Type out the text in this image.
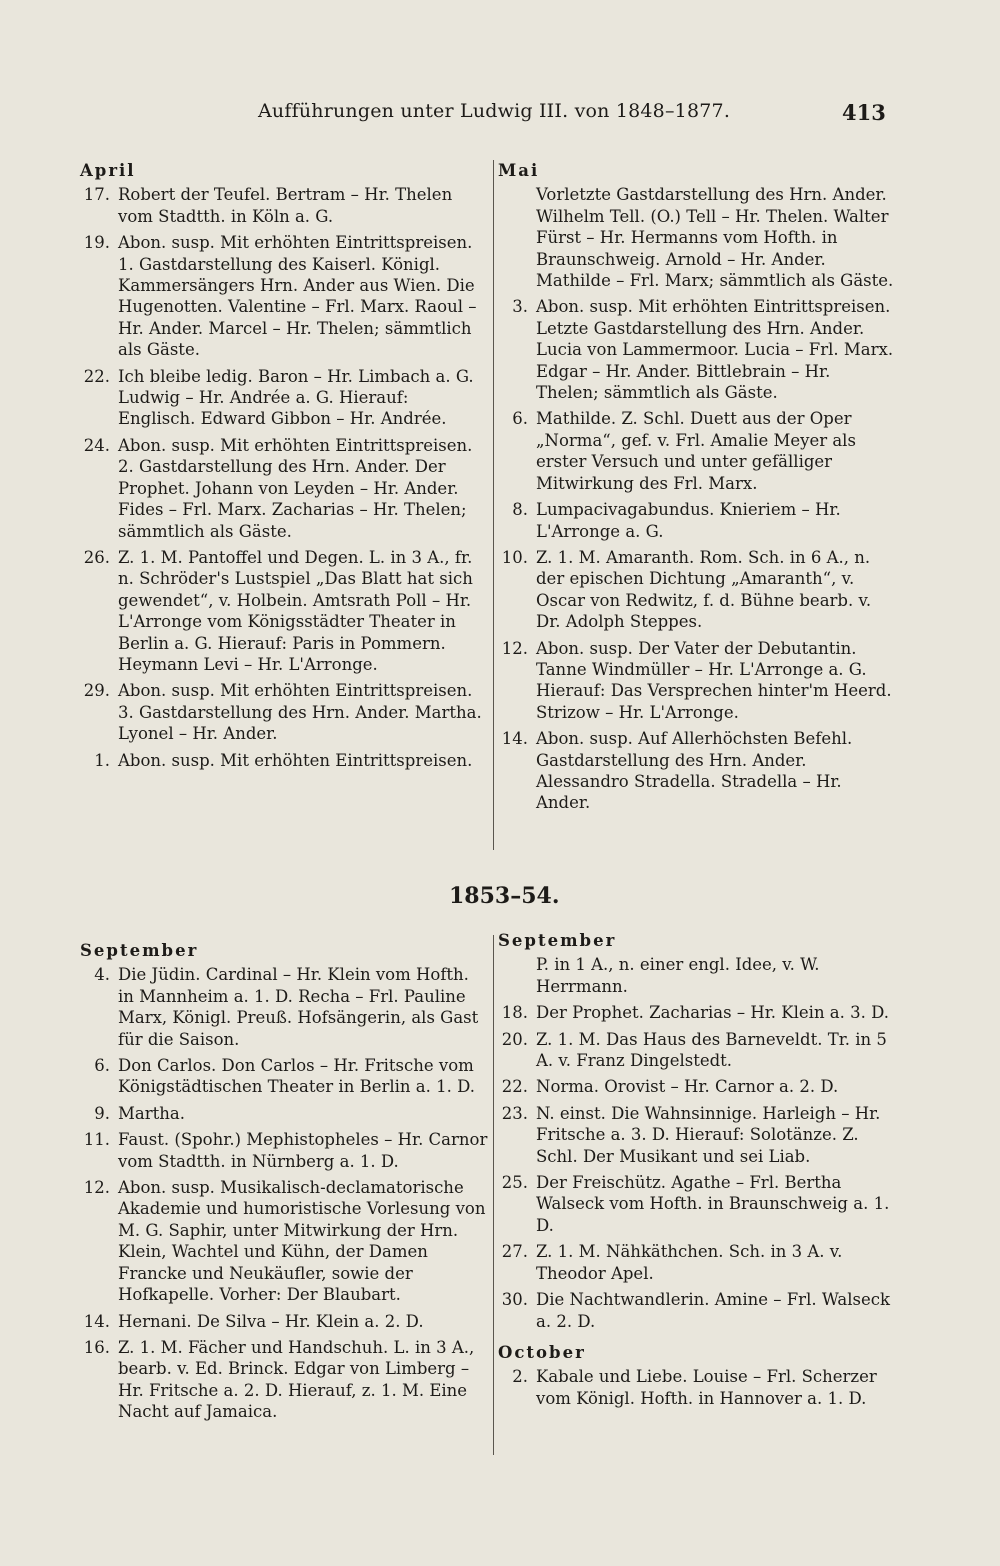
Aufführungen unter Ludwig III. von 1848–1877.	413
April
17. Robert der Teufel. Bertram – Hr. Thelen vom Stadtth. in Köln a. G.
19. Abon. susp. Mit erhöhten Eintrittspreisen. 1. Gastdarstellung des Kaiserl. Königl. Kammersängers Hrn. Ander aus Wien. Die Hugenotten. Valentine – Frl. Marx. Raoul – Hr. Ander. Marcel – Hr. Thelen; sämmtlich als Gäste.
22. Ich bleibe ledig. Baron – Hr. Limbach a. G. Ludwig – Hr. Andrée a. G. Hierauf: Englisch. Edward Gibbon – Hr. Andrée.
24. Abon. susp. Mit erhöhten Eintrittspreisen. 2. Gastdarstellung des Hrn. Ander. Der Prophet. Johann von Leyden – Hr. Ander. Fides – Frl. Marx. Zacharias – Hr. Thelen; sämmtlich als Gäste.
26. Z. 1. M. Pantoffel und Degen. L. in 3 A., fr. n. Schröder's Lustspiel „Das Blatt hat sich gewendet“, v. Holbein. Amtsrath Poll – Hr. L'Arronge vom Königsstädter Theater in Berlin a. G. Hierauf: Paris in Pommern. Heymann Levi – Hr. L'Arronge.
29. Abon. susp. Mit erhöhten Eintrittspreisen. 3. Gastdarstellung des Hrn. Ander. Martha. Lyonel – Hr. Ander.
1. Abon. susp. Mit erhöhten Eintrittspreisen.
Mai
Vorletzte Gastdarstellung des Hrn. Ander. Wilhelm Tell. (O.) Tell – Hr. Thelen. Walter Fürst – Hr. Hermanns vom Hofth. in Braunschweig. Arnold – Hr. Ander. Mathilde – Frl. Marx; sämmtlich als Gäste.
3. Abon. susp. Mit erhöhten Eintrittspreisen. Letzte Gastdarstellung des Hrn. Ander. Lucia von Lammermoor. Lucia – Frl. Marx. Edgar – Hr. Ander. Bittlebrain – Hr. Thelen; sämmtlich als Gäste.
6. Mathilde. Z. Schl. Duett aus der Oper „Norma“, gef. v. Frl. Amalie Meyer als erster Versuch und unter gefälliger Mitwirkung des Frl. Marx.
8. Lumpacivagabundus. Knieriem – Hr. L'Arronge a. G.
10. Z. 1. M. Amaranth. Rom. Sch. in 6 A., n. der epischen Dichtung „Amaranth“, v. Oscar von Redwitz, f. d. Bühne bearb. v. Dr. Adolph Steppes.
12. Abon. susp. Der Vater der Debutantin. Tanne Windmüller – Hr. L'Arronge a. G. Hierauf: Das Versprechen hinter'm Heerd. Strizow – Hr. L'Arronge.
14. Abon. susp. Auf Allerhöchsten Befehl. Gastdarstellung des Hrn. Ander. Alessandro Stradella. Stradella – Hr. Ander.
1853–54.
September
4. Die Jüdin. Cardinal – Hr. Klein vom Hofth. in Mannheim a. 1. D. Recha – Frl. Pauline Marx, Königl. Preuß. Hofsängerin, als Gast für die Saison.
6. Don Carlos. Don Carlos – Hr. Fritsche vom Königstädtischen Theater in Berlin a. 1. D.
9. Martha.
11. Faust. (Spohr.) Mephistopheles – Hr. Carnor vom Stadtth. in Nürnberg a. 1. D.
12. Abon. susp. Musikalisch-declamatorische Akademie und humoristische Vorlesung von M. G. Saphir, unter Mitwirkung der Hrn. Klein, Wachtel und Kühn, der Damen Francke und Neukäufler, sowie der Hofkapelle. Vorher: Der Blaubart.
14. Hernani. De Silva – Hr. Klein a. 2. D.
16. Z. 1. M. Fächer und Handschuh. L. in 3 A., bearb. v. Ed. Brinck. Edgar von Limberg – Hr. Fritsche a. 2. D. Hierauf, z. 1. M. Eine Nacht auf Jamaica.
September
P. in 1 A., n. einer engl. Idee, v. W. Herrmann.
18. Der Prophet. Zacharias – Hr. Klein a. 3. D.
20. Z. 1. M. Das Haus des Barneveldt. Tr. in 5 A. v. Franz Dingelstedt.
22. Norma. Orovist – Hr. Carnor a. 2. D.
23. N. einst. Die Wahnsinnige. Harleigh – Hr. Fritsche a. 3. D. Hierauf: Solotänze. Z. Schl. Der Musikant und sei Liab.
25. Der Freischütz. Agathe – Frl. Bertha Walseck vom Hofth. in Braunschweig a. 1. D.
27. Z. 1. M. Nähkäthchen. Sch. in 3 A. v. Theodor Apel.
30. Die Nachtwandlerin. Amine – Frl. Walseck a. 2. D.
October
2. Kabale und Liebe. Louise – Frl. Scherzer vom Königl. Hofth. in Hannover a. 1. D.
